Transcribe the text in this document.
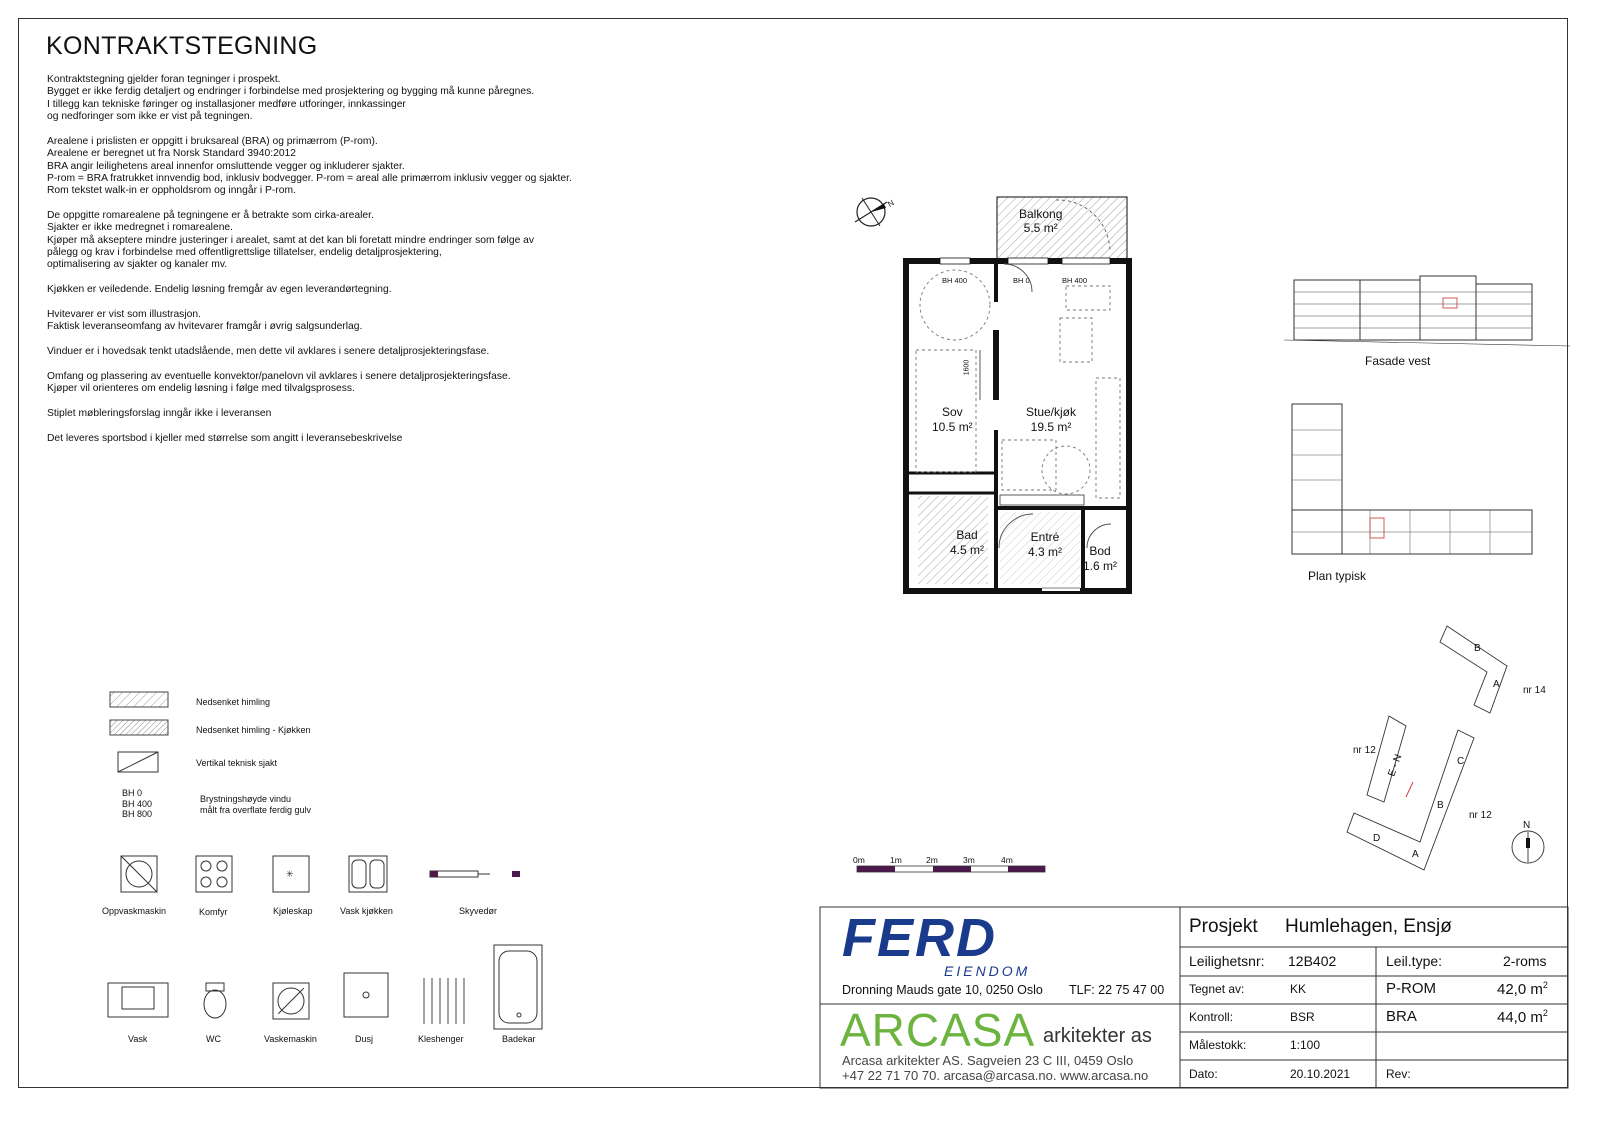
KONTRAKTSTEGNING
Kontraktstegning gjelder foran tegninger i prospekt.
Bygget er ikke ferdig detaljert og endringer i forbindelse med prosjektering og bygging må kunne påregnes.
I tillegg kan tekniske føringer og installasjoner medføre utforinger, innkassinger
og nedforinger som ikke er vist på tegningen.
Arealene i prislisten er oppgitt i bruksareal (BRA) og primærrom (P-rom).
Arealene er beregnet ut fra Norsk Standard 3940:2012
BRA angir leilighetens areal innenfor omsluttende vegger og inkluderer sjakter.
P-rom = BRA fratrukket innvendig bod, inklusiv bodvegger. P-rom = areal alle primærrom inklusiv vegger og sjakter.
Rom tekstet walk-in er oppholdsrom og inngår i P-rom.
De oppgitte romarealene på tegningene er å betrakte som cirka-arealer.
Sjakter er ikke medregnet i romarealene.
Kjøper må akseptere mindre justeringer i arealet, samt at det kan bli foretatt mindre endringer som følge av
pålegg og krav i forbindelse med offentligrettslige tillatelser, endelig detaljprosjektering,
optimalisering av sjakter og kanaler mv.
Kjøkken er veiledende. Endelig løsning fremgår av egen leverandørtegning.
Hvitevarer er vist som illustrasjon.
Faktisk leveranseomfang av hvitevarer framgår i øvrig salgsunderlag.
Vinduer er i hovedsak tenkt utadslående, men dette vil avklares i senere detaljprosjekteringsfase.
Omfang og plassering av eventuelle konvektor/panelovn vil avklares i senere detaljprosjekteringsfase.
Kjøper vil orienteres om endelig løsning i følge med tilvalgsprosess.
Stiplet møbleringsforslag inngår ikke i leveransen
Det leveres sportsbod i kjeller med størrelse som angitt i leveransebeskrivelse
Nedsenket himling
Nedsenket himling - Kjøkken
Vertikal teknisk sjakt
BH 0
BH 400
BH 800
Brystningshøyde vindu
målt fra overflate ferdig gulv
Oppvaskmaskin	Komfyr	Kjøleskap	Vask kjøkken	Skyvedør
Vask	WC	Vaskemaskin	Dusj	Kleshenger	Badekar
✳
Balkong
5.5 m²
Sov
10.5 m²
Stue/kjøk
19.5 m²
Bad
4.5 m²
Entré
4.3 m²	Bod
1.6 m²
BH 400	BH 0	BH 400
1600
N
Fasade vest
Plan typisk
B
A
nr 14
nr 12
E - N	C
B
nr 12
D
A
N
0m	1m	2m	3m	4m
FERD
EIENDOM
Dronning Mauds gate 10, 0250 Oslo TLF: 22 75 47 00
ARCASA arkitekter as
Arcasa arkitekter AS. Sagveien 23 C III, 0459 Oslo
+47 22 71 70 70. arcasa@arcasa.no. www.arcasa.no
Prosjekt Humlehagen, Ensjø
Leilighetsnr: 12B402	Leil.type:	2-roms
Tegnet av:	KK	P-ROM	42,0 $m^2$
Kontroll:	BSR	BRA	44,0 $m^2$
Målestokk:	1:100
Dato:	20.10.2021	Rev:
